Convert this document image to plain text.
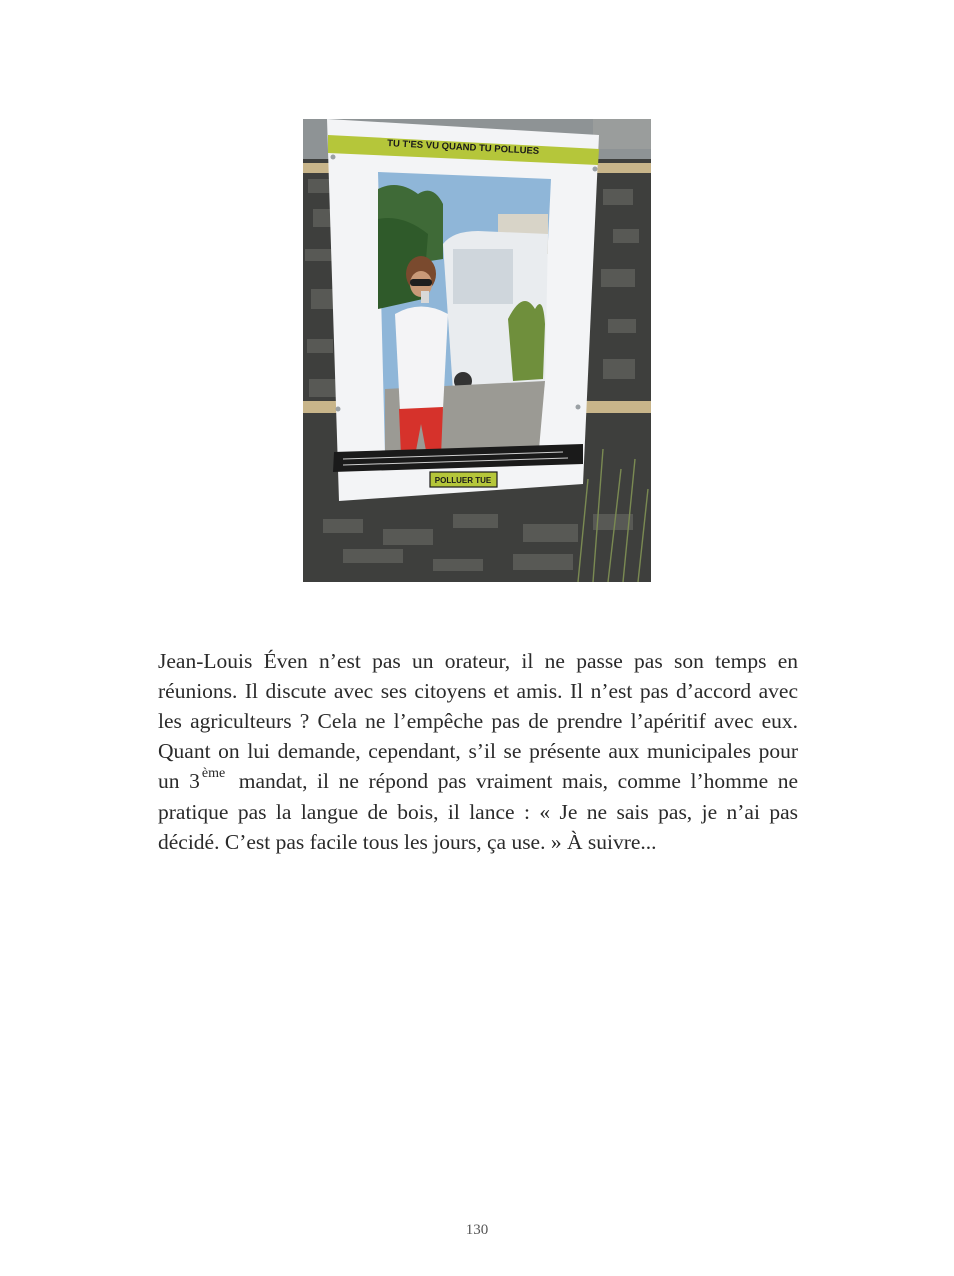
TU T'ES VU QUAND TU POLLUES
POLLUER TUE

Jean-Louis Éven n’est pas un orateur, il ne passe pas son temps en réunions. Il discute avec ses citoyens et amis. Il n’est pas d’accord avec les agriculteurs ? Cela ne l’empêche pas de prendre l’apéritif avec eux. Quant on lui demande, cependant, s’il se présente aux municipales pour un 3 $^{ème}$ mandat, il ne répond pas vraiment mais, comme l’homme ne pratique pas la langue de bois, il lance : « Je ne sais pas, je n’ai pas décidé. C’est pas facile tous les jours, ça use. » À suivre...

130
